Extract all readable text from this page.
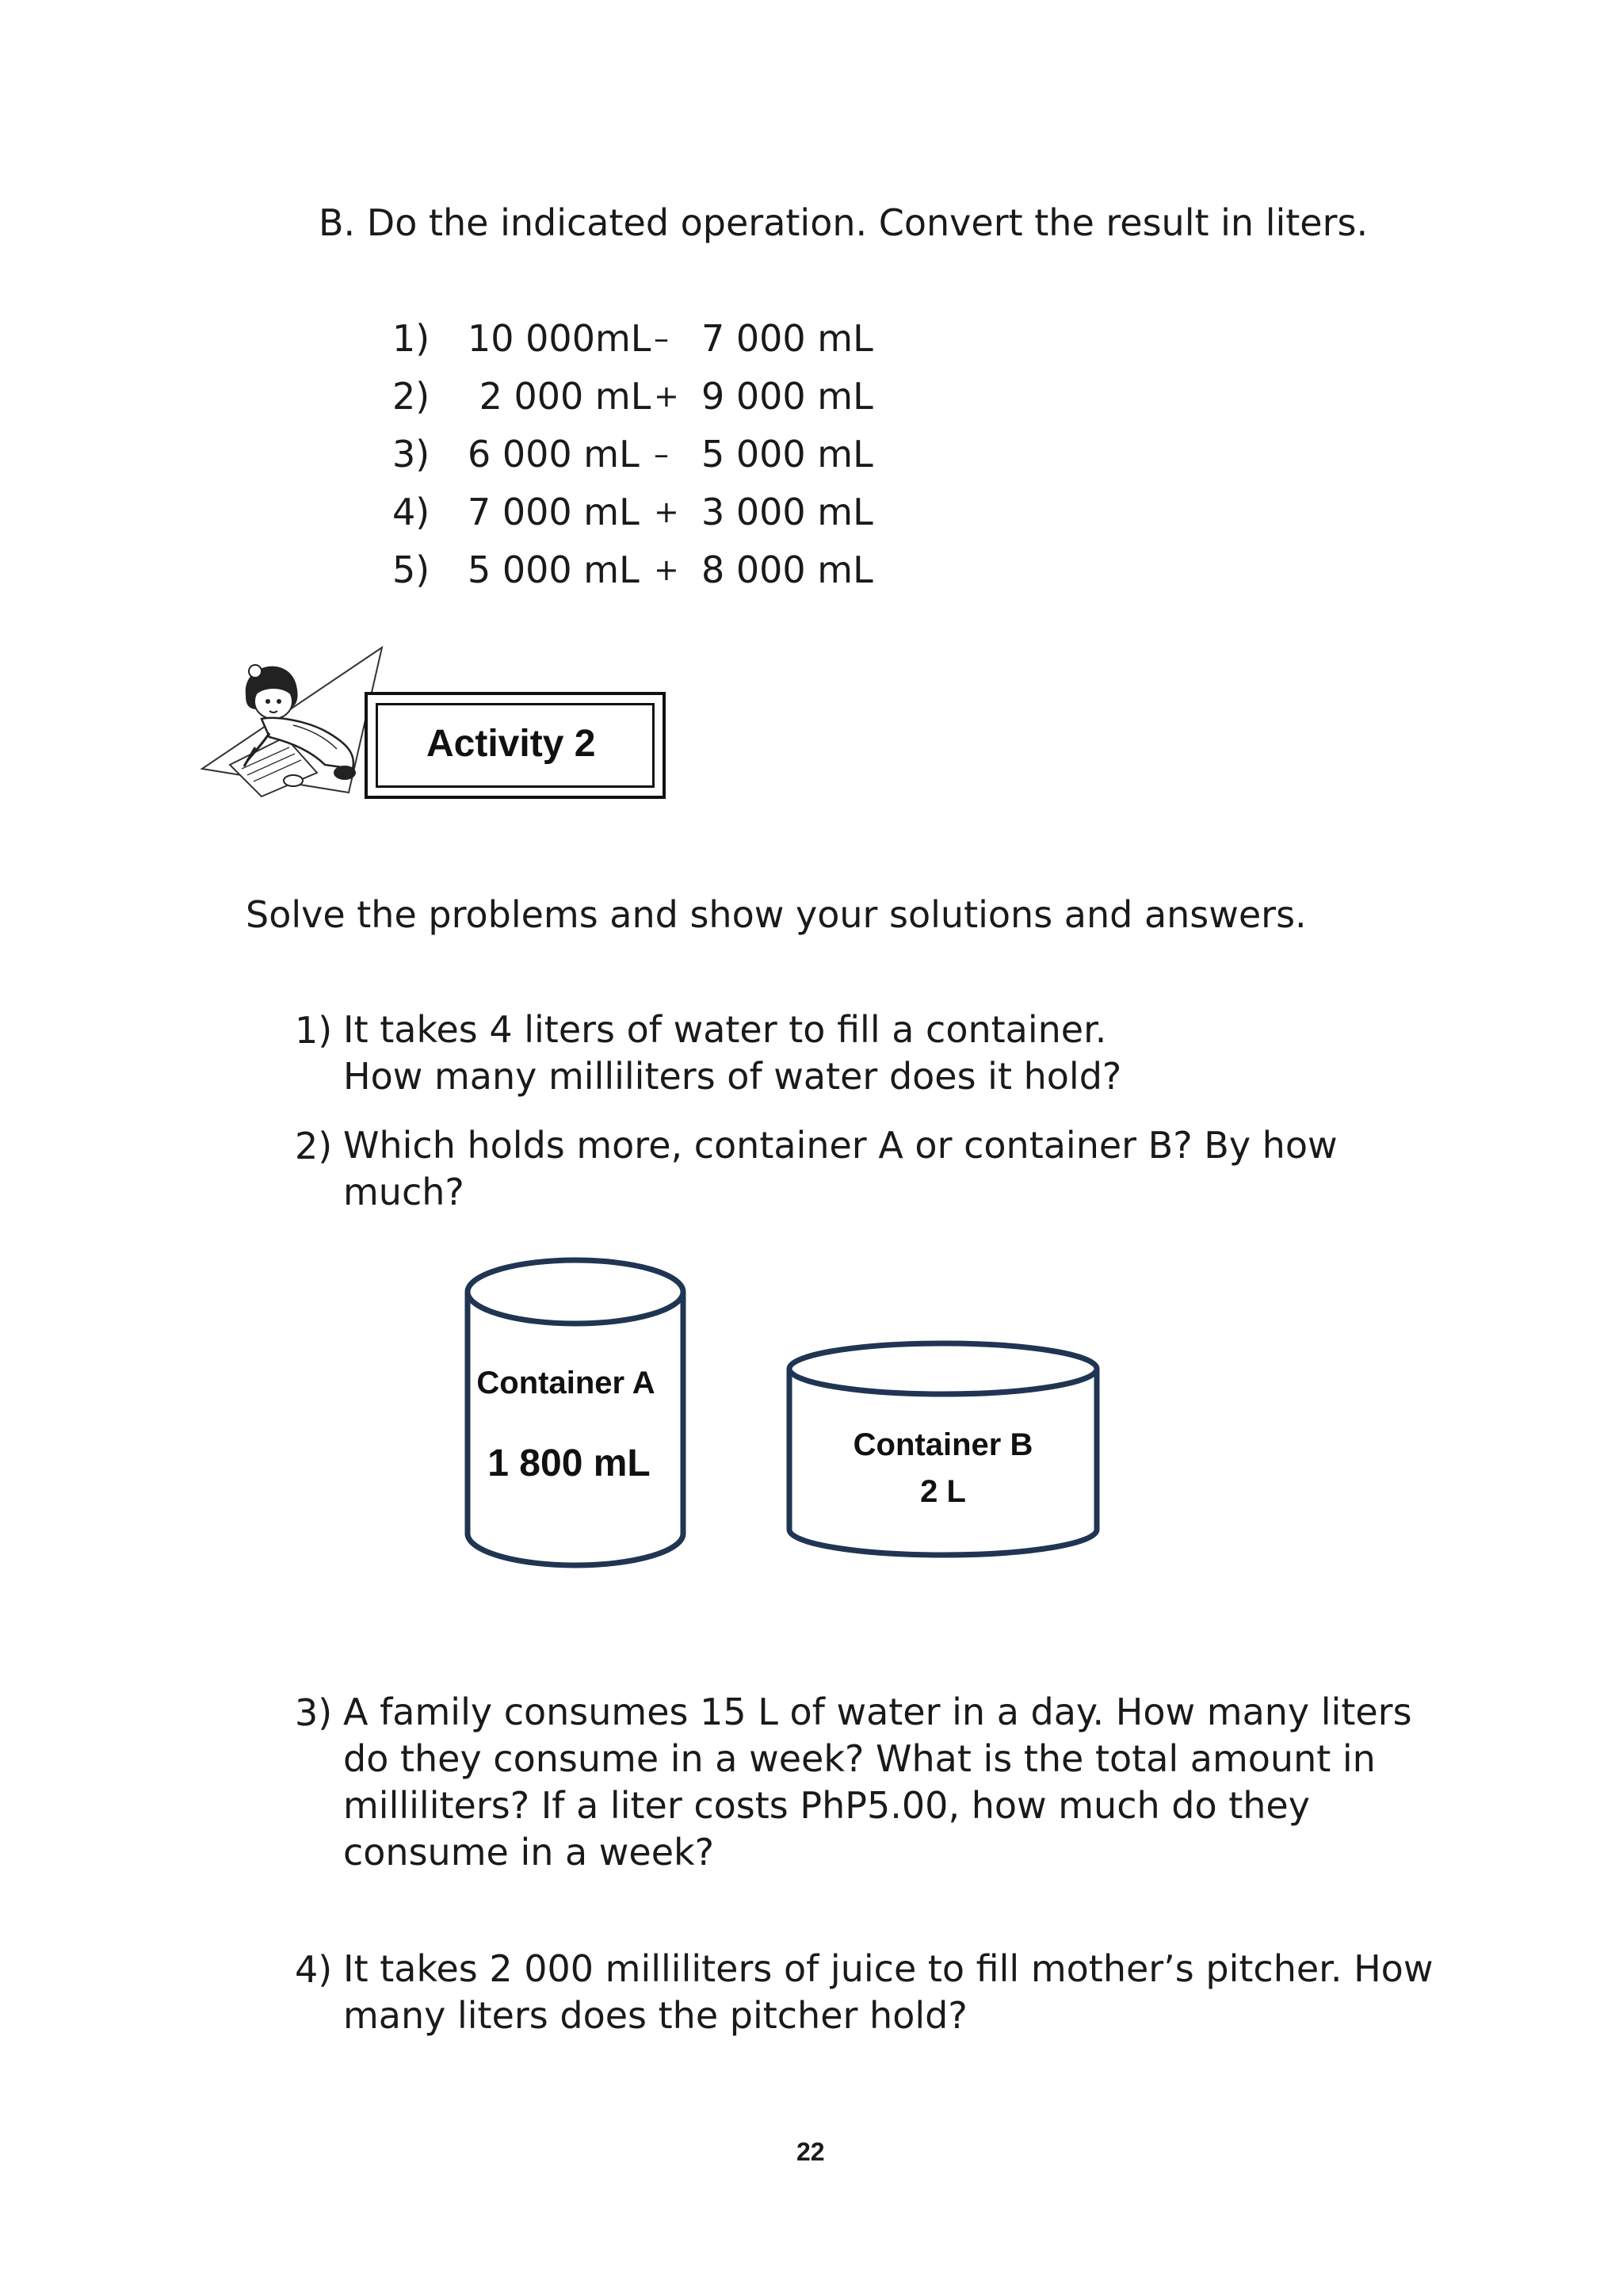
B. Do the indicated operation. Convert the result in liters.
1) 10 000mL – 7 000 mL
2) 2 000 mL + 9 000 mL
3) 6 000 mL – 5 000 mL
4) 7 000 mL + 3 000 mL
5) 5 000 mL + 8 000 mL
Activity 2
Solve the problems and show your solutions and answers.
1) It takes 4 liters of water to fill a container.
How many milliliters of water does it hold?
2) Which holds more, container A or container B? By how
much?
Container A
1 800 mL	Container B
2 L
3) A family consumes 15 L of water in a day. How many liters
do they consume in a week? What is the total amount in
milliliters? If a liter costs PhP5.00, how much do they
consume in a week?
4) It takes 2 000 milliliters of juice to fill mother’s pitcher. How
many liters does the pitcher hold?
22
